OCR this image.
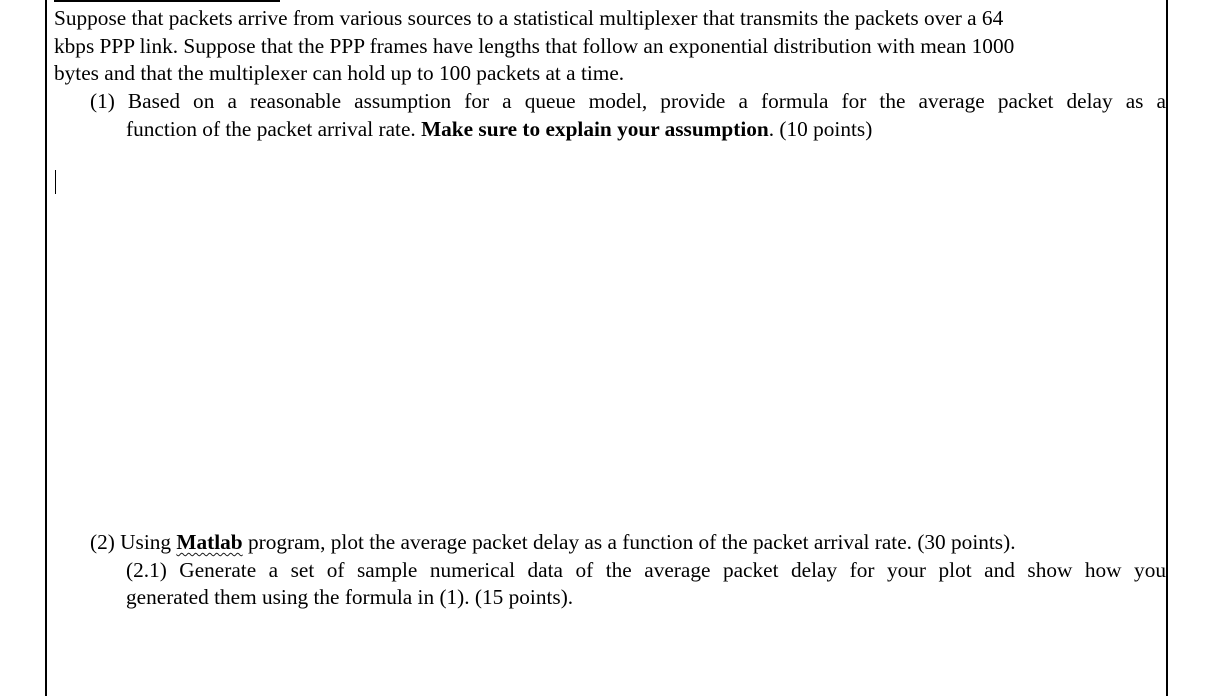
Suppose that packets arrive from various sources to a statistical multiplexer that transmits the packets over a 64
kbps PPP link. Suppose that the PPP frames have lengths that follow an exponential distribution with mean 1000
bytes and that the multiplexer can hold up to 100 packets at a time.
(1) Based on a reasonable assumption for a queue model, provide a formula for the average packet delay as a
function of the packet arrival rate. Make sure to explain your assumption. (10 points)
(2) Using Matlab program, plot the average packet delay as a function of the packet arrival rate. (30 points).
(2.1) Generate a set of sample numerical data of the average packet delay for your plot and show how you
generated them using the formula in (1). (15 points).
